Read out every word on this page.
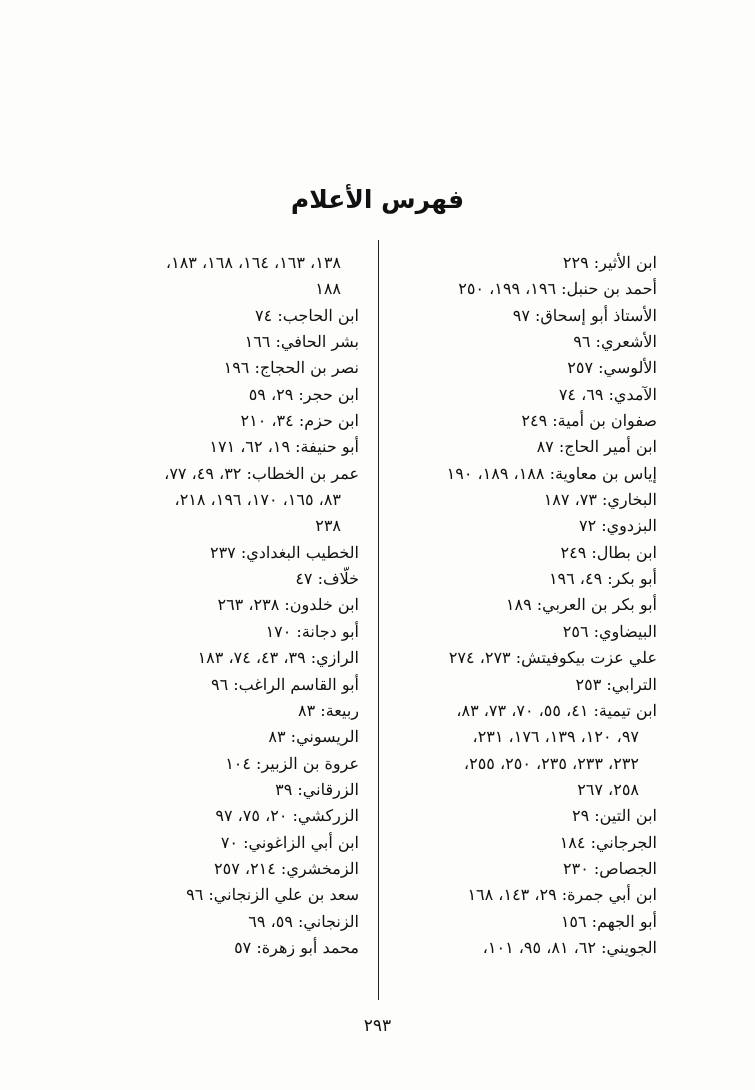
فهرس الأعلام
ابن الأثير: ٢٢٩
أحمد بن حنبل: ١٩٦، ١٩٩، ٢٥٠
الأستاذ أبو إسحاق: ٩٧
الأشعري: ٩٦
الألوسي: ٢٥٧
الآمدي: ٦٩، ٧٤
صفوان بن أمية: ٢٤٩
ابن أمير الحاج: ٨٧
إياس بن معاوية: ١٨٨، ١٨٩، ١٩٠
البخاري: ٧٣، ١٨٧
البزدوي: ٧٢
ابن بطال: ٢٤٩
أبو بكر: ٤٩، ١٩٦
أبو بكر بن العربي: ١٨٩
البيضاوي: ٢٥٦
علي عزت بيكوفيتش: ٢٧٣، ٢٧٤
الترابي: ٢٥٣
ابن تيمية: ٤١، ٥٥، ٧٠، ٧٣، ٨٣،
٩٧، ١٢٠، ١٣٩، ١٧٦، ٢٣١،
٢٣٢، ٢٣٣، ٢٣٥، ٢٥٠، ٢٥٥،
٢٥٨، ٢٦٧
ابن التين: ٢٩
الجرجاني: ١٨٤
الجصاص: ٢٣٠
ابن أبي جمرة: ٢٩، ١٤٣، ١٦٨
أبو الجهم: ١٥٦
الجويني: ٦٢، ٨١، ٩٥، ١٠١،
١٣٨، ١٦٣، ١٦٤، ١٦٨، ١٨٣،
١٨٨
ابن الحاجب: ٧٤
بشر الحافي: ١٦٦
نصر بن الحجاج: ١٩٦
ابن حجر: ٢٩، ٥٩
ابن حزم: ٣٤، ٢١٠
أبو حنيفة: ١٩، ٦٢، ١٧١
عمر بن الخطاب: ٣٢، ٤٩، ٧٧،
٨٣، ١٦٥، ١٧٠، ١٩٦، ٢١٨،
٢٣٨
الخطيب البغدادي: ٢٣٧
خلّاف: ٤٧
ابن خلدون: ٢٣٨، ٢٦٣
أبو دجانة: ١٧٠
الرازي: ٣٩، ٤٣، ٧٤، ١٨٣
أبو القاسم الراغب: ٩٦
ربيعة: ٨٣
الريسوني: ٨٣
عروة بن الزبير: ١٠٤
الزرقاني: ٣٩
الزركشي: ٢٠، ٧٥، ٩٧
ابن أبي الزاغوني: ٧٠
الزمخشري: ٢١٤، ٢٥٧
سعد بن علي الزنجاني: ٩٦
الزنجاني: ٥٩، ٦٩
محمد أبو زهرة: ٥٧
٢٩٣
